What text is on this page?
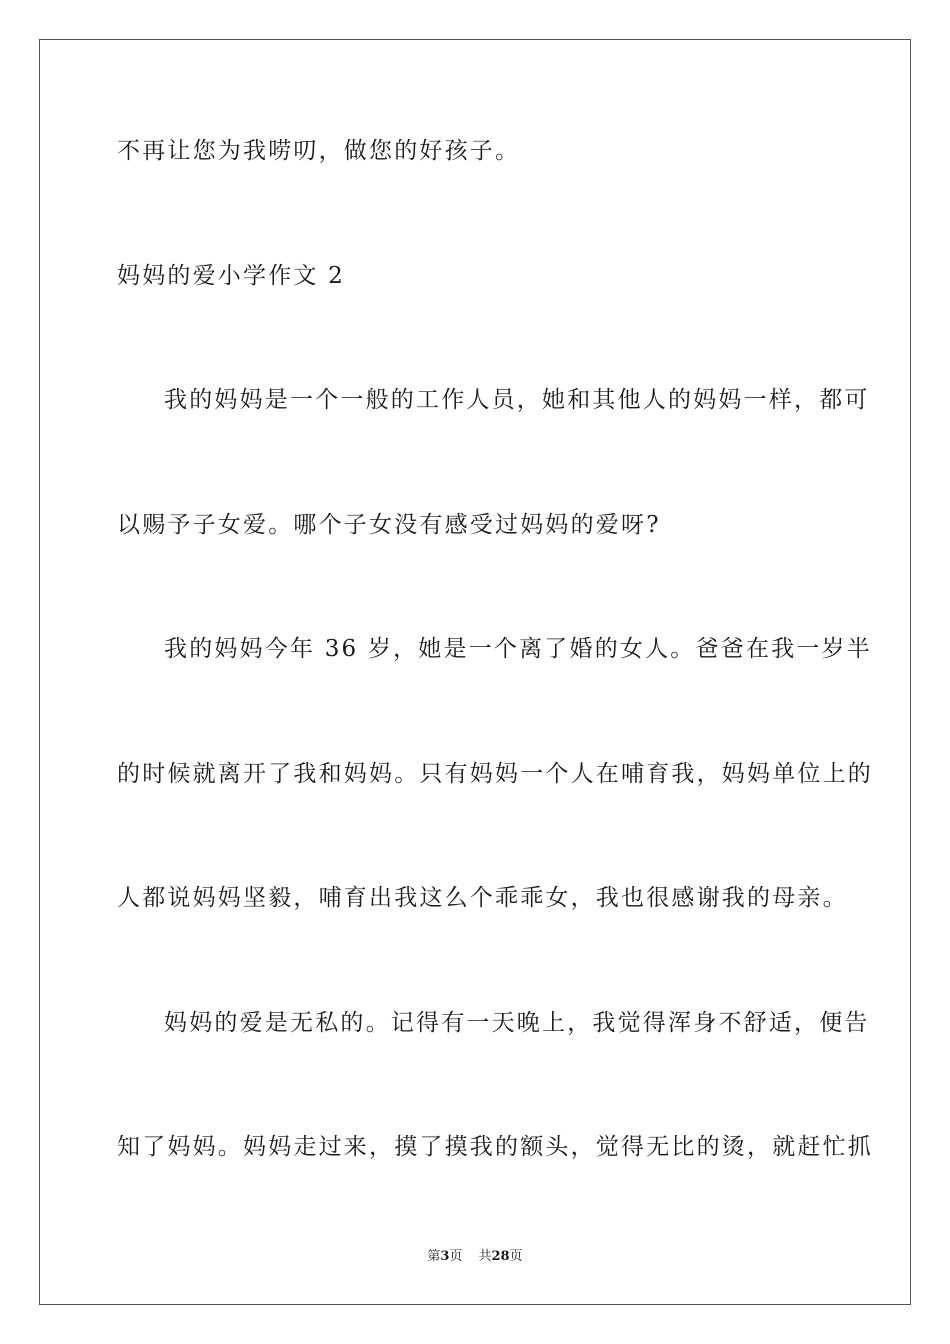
不再让您为我唠叨，做您的好孩子。
妈妈的爱小学作文 2
我的妈妈是一个一般的工作人员，她和其他人的妈妈一样，都可
以赐予子女爱。哪个子女没有感受过妈妈的爱呀?
我的妈妈今年 36 岁，她是一个离了婚的女人。爸爸在我一岁半
的时候就离开了我和妈妈。只有妈妈一个人在哺育我，妈妈单位上的
人都说妈妈坚毅，哺育出我这么个乖乖女，我也很感谢我的母亲。
妈妈的爱是无私的。记得有一天晚上，我觉得浑身不舒适，便告
知了妈妈。妈妈走过来，摸了摸我的额头，觉得无比的烫，就赶忙抓
第3页 共28页
